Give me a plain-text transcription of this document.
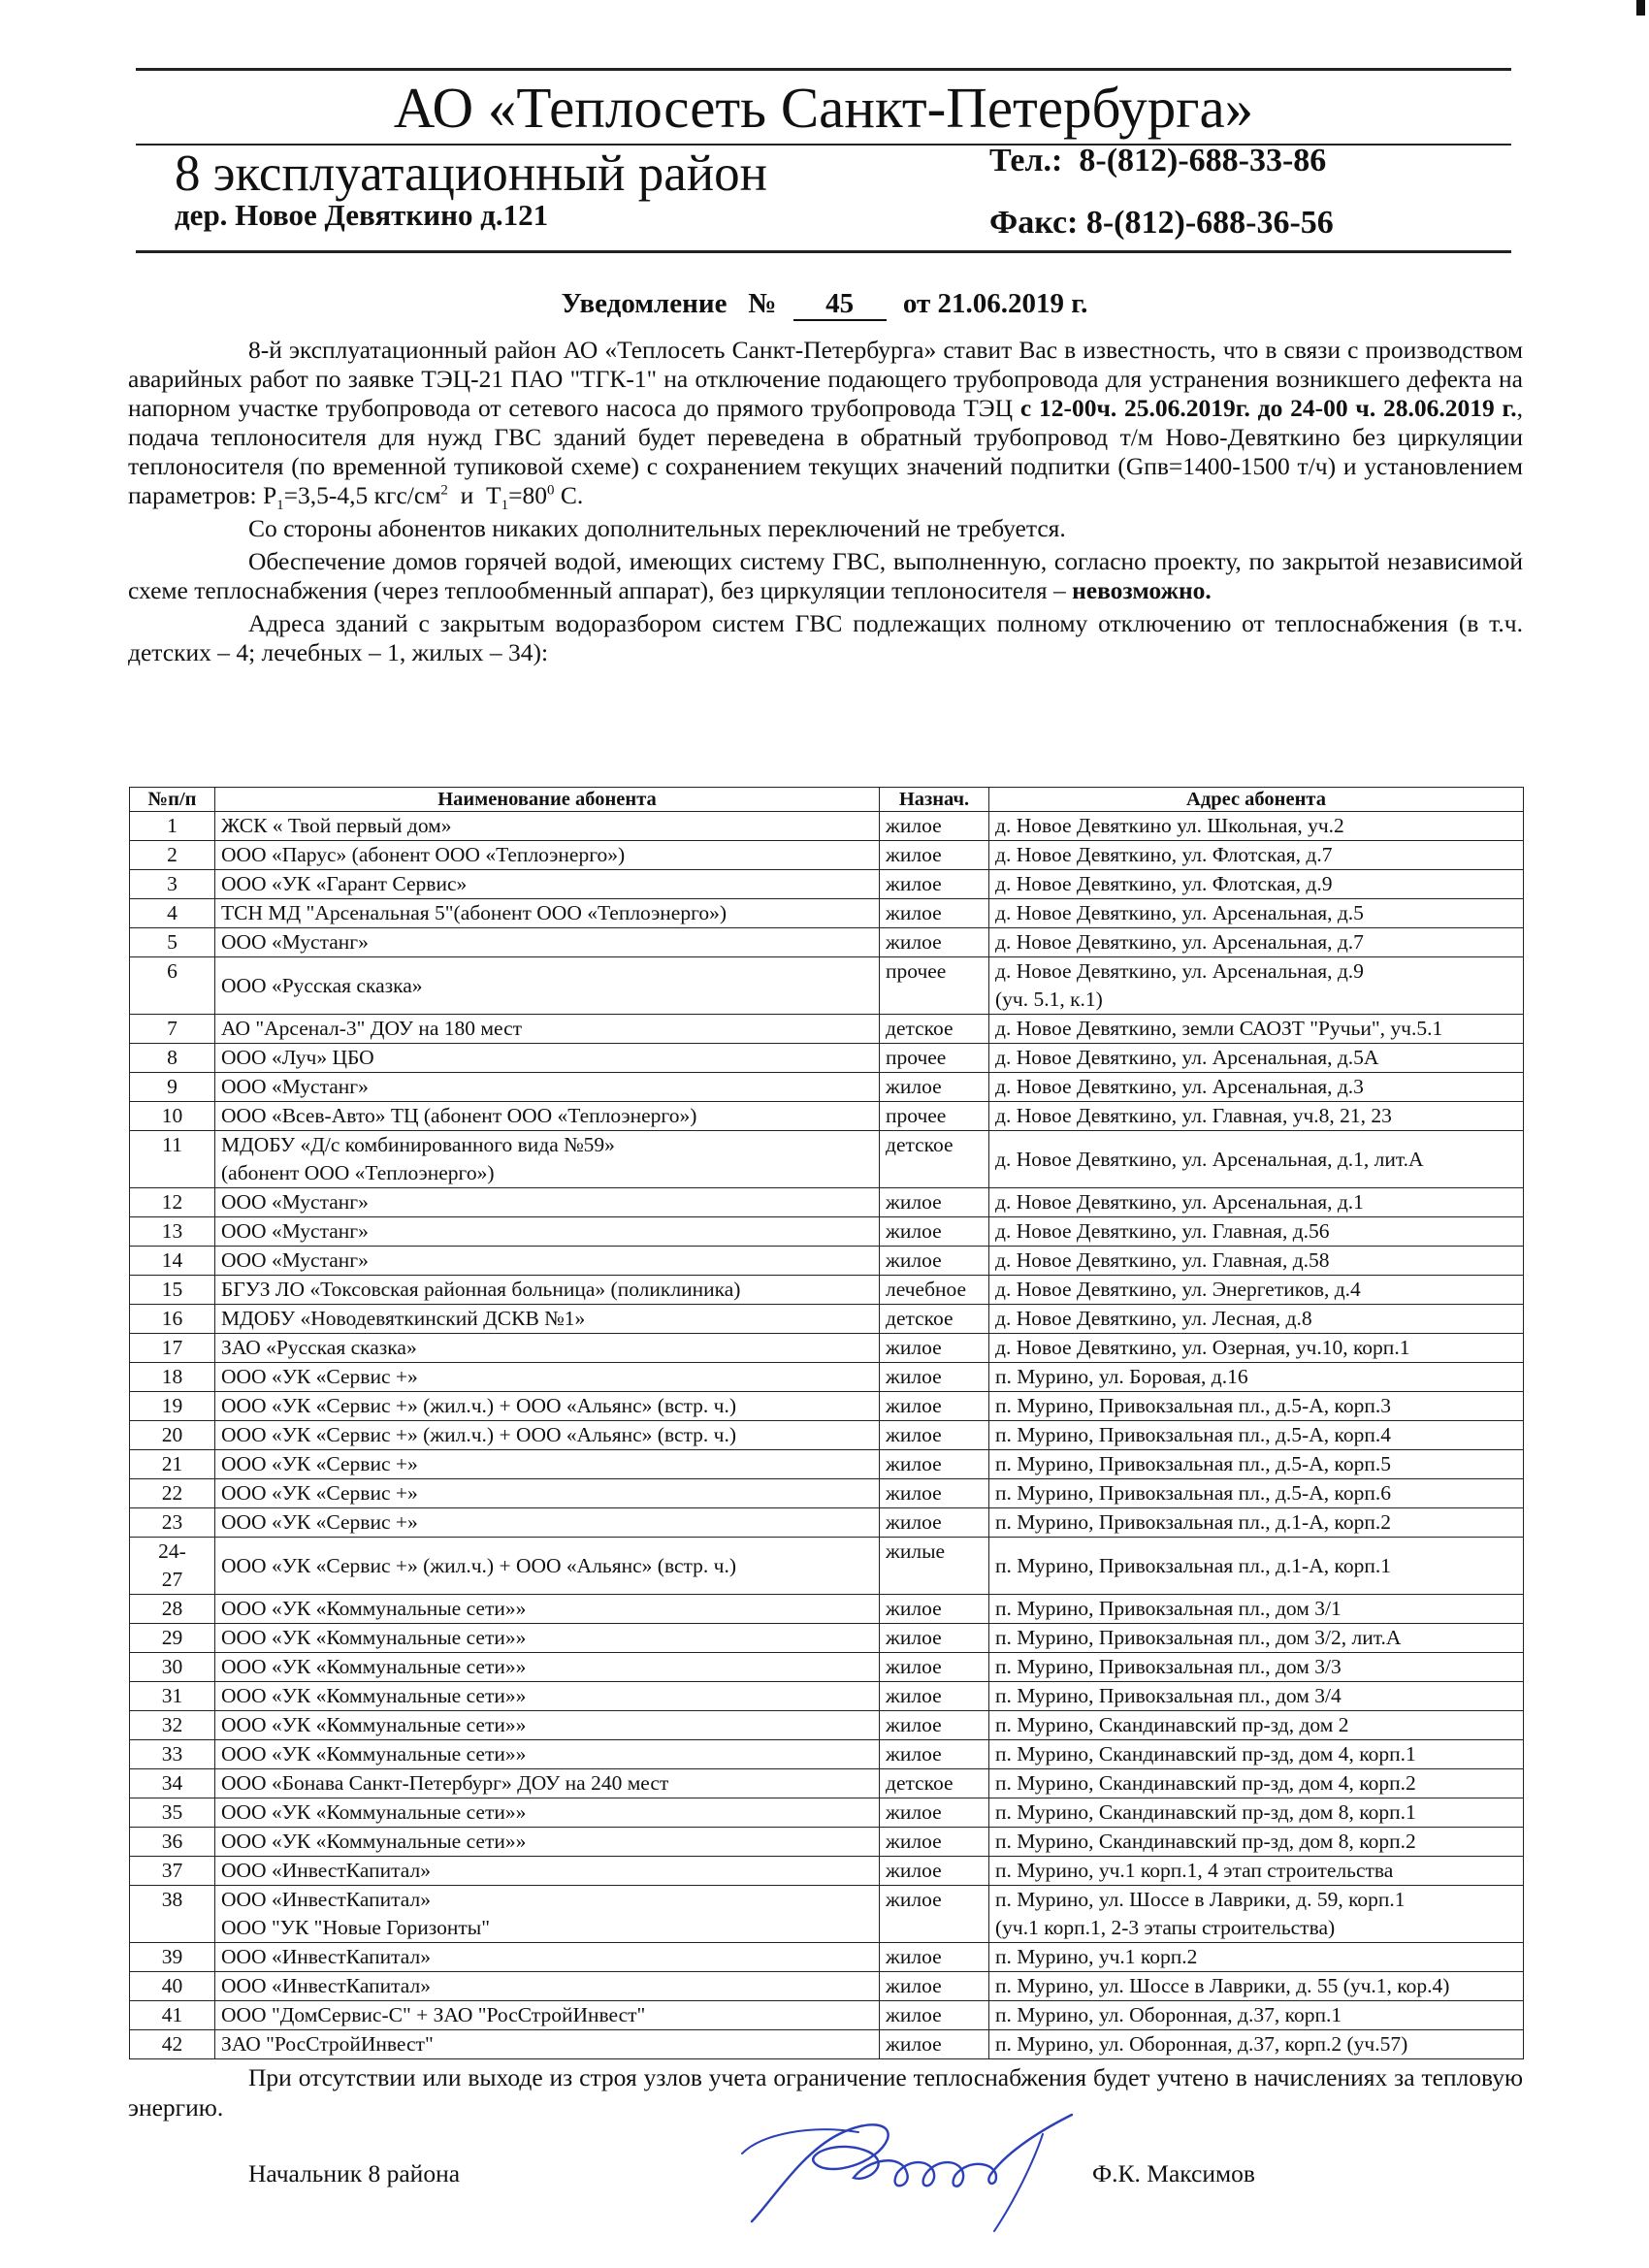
АО «Теплосеть Санкт-Петербурга»
8 эксплуатационный район
дер. Новое Девяткино д.121
Тел.: 8-(812)-688-33-86
Факс: 8-(812)-688-36-56
Уведомление № 45 от 21.06.2019 г.

8-й эксплуатационный район АО «Теплосеть Санкт-Петербурга» ставит Вас в известность, что в связи с производством аварийных работ по заявке ТЭЦ-21 ПАО "ТГК-1" на отключение подающего трубопровода для устранения возникшего дефекта на напорном участке трубопровода от сетевого насоса до прямого трубопровода ТЭЦ с 12-00ч. 25.06.2019г. до 24-00 ч. 28.06.2019 г., подача теплоносителя для нужд ГВС зданий будет переведена в обратный трубопровод т/м Ново-Девяткино без циркуляции теплоносителя (по временной тупиковой схеме) с сохранением текущих значений подпитки (Gпв=1400-1500 т/ч) и установлением параметров: $P_1=3,5-4,5$ кгс/$см^2$  и  $T_1=80^0$ С.

Со стороны абонентов никаких дополнительных переключений не требуется.

Обеспечение домов горячей водой, имеющих систему ГВС, выполненную, согласно проекту, по закрытой независимой схеме теплоснабжения (через теплообменный аппарат), без циркуляции теплоносителя – невозможно.

Адреса зданий с закрытым водоразбором систем ГВС подлежащих полному отключению от теплоснабжения (в т.ч. детских – 4; лечебных – 1, жилых – 34):

№п/п	Наименование абонента	Назнач.	Адрес абонента
1	ЖСК « Твой первый дом»	жилое	д. Новое Девяткино ул. Школьная, уч.2
2	ООО «Парус» (абонент ООО «Теплоэнерго»)	жилое	д. Новое Девяткино, ул. Флотская, д.7
3	ООО «УК «Гарант Сервис»	жилое	д. Новое Девяткино, ул. Флотская, д.9
4	ТСН МД "Арсенальная 5"(абонент ООО «Теплоэнерго»)	жилое	д. Новое Девяткино, ул. Арсенальная, д.5
5	ООО «Мустанг»	жилое	д. Новое Девяткино, ул. Арсенальная, д.7
6	ООО «Русская сказка»	прочее	д. Новое Девяткино, ул. Арсенальная, д.9
(уч. 5.1, к.1)
7	АО "Арсенал-3" ДОУ на 180 мест	детское	д. Новое Девяткино, земли САОЗТ "Ручьи", уч.5.1
8	ООО «Луч» ЦБО	прочее	д. Новое Девяткино, ул. Арсенальная, д.5А
9	ООО «Мустанг»	жилое	д. Новое Девяткино, ул. Арсенальная, д.3
10	ООО «Всев-Авто» ТЦ (абонент ООО «Теплоэнерго»)	прочее	д. Новое Девяткино, ул. Главная, уч.8, 21, 23
11	МДОБУ «Д/с комбинированного вида №59»
(абонент ООО «Теплоэнерго»)	детское	д. Новое Девяткино, ул. Арсенальная, д.1, лит.А
12	ООО «Мустанг»	жилое	д. Новое Девяткино, ул. Арсенальная, д.1
13	ООО «Мустанг»	жилое	д. Новое Девяткино, ул. Главная, д.56
14	ООО «Мустанг»	жилое	д. Новое Девяткино, ул. Главная, д.58
15	БГУЗ ЛО «Токсовская районная больница» (поликлиника)	лечебное	д. Новое Девяткино, ул. Энергетиков, д.4
16	МДОБУ «Новодевяткинский ДСКВ №1»	детское	д. Новое Девяткино, ул. Лесная, д.8
17	ЗАО «Русская сказка»	жилое	д. Новое Девяткино, ул. Озерная, уч.10, корп.1
18	ООО «УК «Сервис +»	жилое	п. Мурино, ул. Боровая, д.16
19	ООО «УК «Сервис +» (жил.ч.) + ООО «Альянс» (встр. ч.)	жилое	п. Мурино, Привокзальная пл., д.5-А, корп.3
20	ООО «УК «Сервис +» (жил.ч.) + ООО «Альянс» (встр. ч.)	жилое	п. Мурино, Привокзальная пл., д.5-А, корп.4
21	ООО «УК «Сервис +»	жилое	п. Мурино, Привокзальная пл., д.5-А, корп.5
22	ООО «УК «Сервис +»	жилое	п. Мурино, Привокзальная пл., д.5-А, корп.6
23	ООО «УК «Сервис +»	жилое	п. Мурино, Привокзальная пл., д.1-А, корп.2
24-
27	ООО «УК «Сервис +» (жил.ч.) + ООО «Альянс» (встр. ч.)	жилые	п. Мурино, Привокзальная пл., д.1-А, корп.1
28	ООО «УК «Коммунальные сети»»	жилое	п. Мурино, Привокзальная пл., дом 3/1
29	ООО «УК «Коммунальные сети»»	жилое	п. Мурино, Привокзальная пл., дом 3/2, лит.А
30	ООО «УК «Коммунальные сети»»	жилое	п. Мурино, Привокзальная пл., дом 3/3
31	ООО «УК «Коммунальные сети»»	жилое	п. Мурино, Привокзальная пл., дом 3/4
32	ООО «УК «Коммунальные сети»»	жилое	п. Мурино, Скандинавский пр-зд, дом 2
33	ООО «УК «Коммунальные сети»»	жилое	п. Мурино, Скандинавский пр-зд, дом 4, корп.1
34	ООО «Бонава Санкт-Петербург» ДОУ на 240 мест	детское	п. Мурино, Скандинавский пр-зд, дом 4, корп.2
35	ООО «УК «Коммунальные сети»»	жилое	п. Мурино, Скандинавский пр-зд, дом 8, корп.1
36	ООО «УК «Коммунальные сети»»	жилое	п. Мурино, Скандинавский пр-зд, дом 8, корп.2
37	ООО «ИнвестКапитал»	жилое	п. Мурино, уч.1 корп.1, 4 этап строительства
38	ООО «ИнвестКапитал»
ООО "УК "Новые Горизонты"	жилое	п. Мурино, ул. Шоссе в Лаврики, д. 59, корп.1
(уч.1 корп.1, 2-3 этапы строительства)
39	ООО «ИнвестКапитал»	жилое	п. Мурино, уч.1 корп.2
40	ООО «ИнвестКапитал»	жилое	п. Мурино, ул. Шоссе в Лаврики, д. 55 (уч.1, кор.4)
41	ООО "ДомСервис-С" + ЗАО "РосСтройИнвест"	жилое	п. Мурино, ул. Оборонная, д.37, корп.1
42	ЗАО "РосСтройИнвест"	жилое	п. Мурино, ул. Оборонная, д.37, корп.2 (уч.57)

При отсутствии или выходе из строя узлов учета ограничение теплоснабжения будет учтено в начислениях за тепловую энергию.

Начальник 8 района	Ф.К. Максимов
